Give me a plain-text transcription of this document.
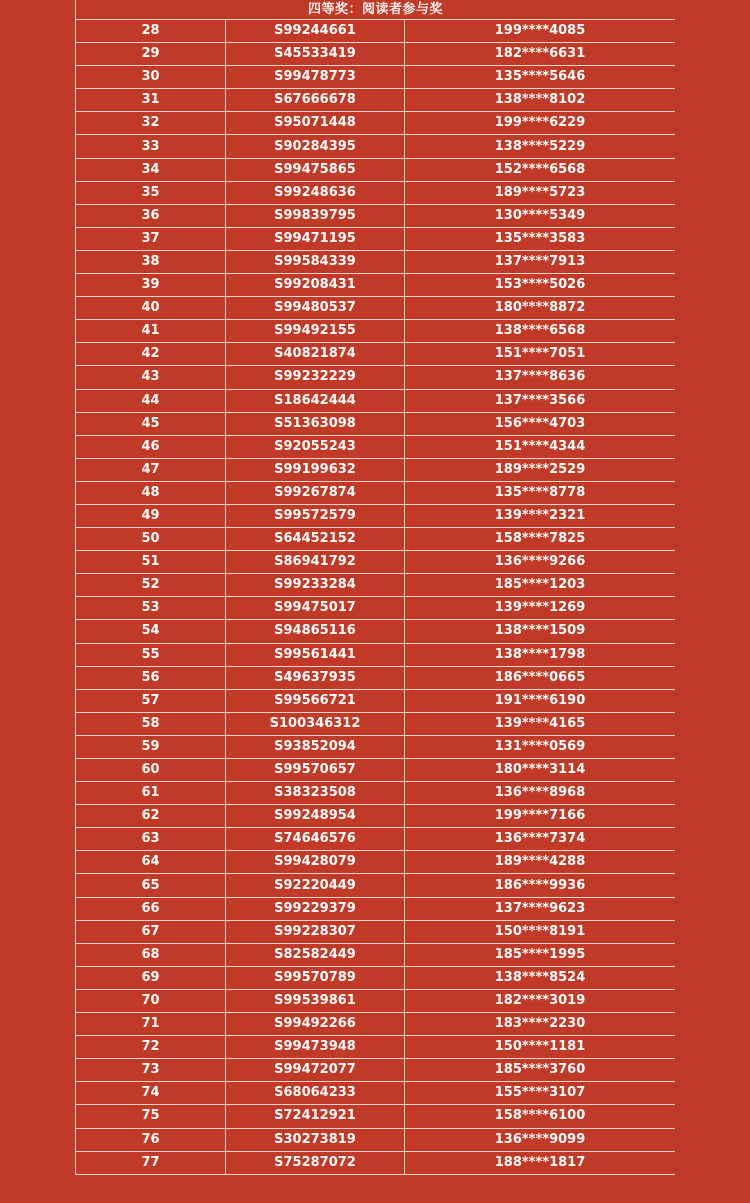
四等奖：阅读者参与奖		
28	S99244661	199****4085
29	S45533419	182****6631
30	S99478773	135****5646
31	S67666678	138****8102
32	S95071448	199****6229
33	S90284395	138****5229
34	S99475865	152****6568
35	S99248636	189****5723
36	S99839795	130****5349
37	S99471195	135****3583
38	S99584339	137****7913
39	S99208431	153****5026
40	S99480537	180****8872
41	S99492155	138****6568
42	S40821874	151****7051
43	S99232229	137****8636
44	S18642444	137****3566
45	S51363098	156****4703
46	S92055243	151****4344
47	S99199632	189****2529
48	S99267874	135****8778
49	S99572579	139****2321
50	S64452152	158****7825
51	S86941792	136****9266
52	S99233284	185****1203
53	S99475017	139****1269
54	S94865116	138****1509
55	S99561441	138****1798
56	S49637935	186****0665
57	S99566721	191****6190
58	S100346312	139****4165
59	S93852094	131****0569
60	S99570657	180****3114
61	S38323508	136****8968
62	S99248954	199****7166
63	S74646576	136****7374
64	S99428079	189****4288
65	S92220449	186****9936
66	S99229379	137****9623
67	S99228307	150****8191
68	S82582449	185****1995
69	S99570789	138****8524
70	S99539861	182****3019
71	S99492266	183****2230
72	S99473948	150****1181
73	S99472077	185****3760
74	S68064233	155****3107
75	S72412921	158****6100
76	S30273819	136****9099
77	S75287072	188****1817
